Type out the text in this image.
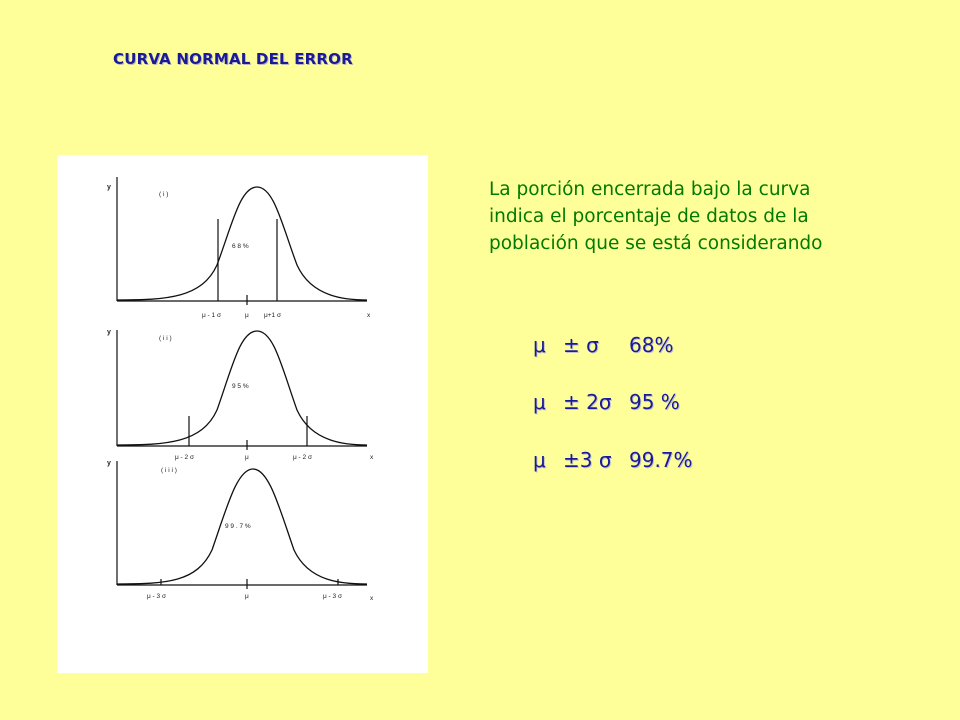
CURVA NORMAL DEL ERROR
y
( i )
6 8 %
μ - 1 σ	μ μ+1 σ	x
y
( i i )
9 5 %
μ - 2 σ	μ	μ - 2 σ	x
y
( i i i )
9 9 . 7 %
μ - 3 σ	μ	μ - 3 σ	x
La porción encerrada bajo la curva
indica el porcentaje de datos de la
población que se está considerando
μ ± σ 68%
μ ± 2σ 95 %
μ ±3 σ 99.7%
